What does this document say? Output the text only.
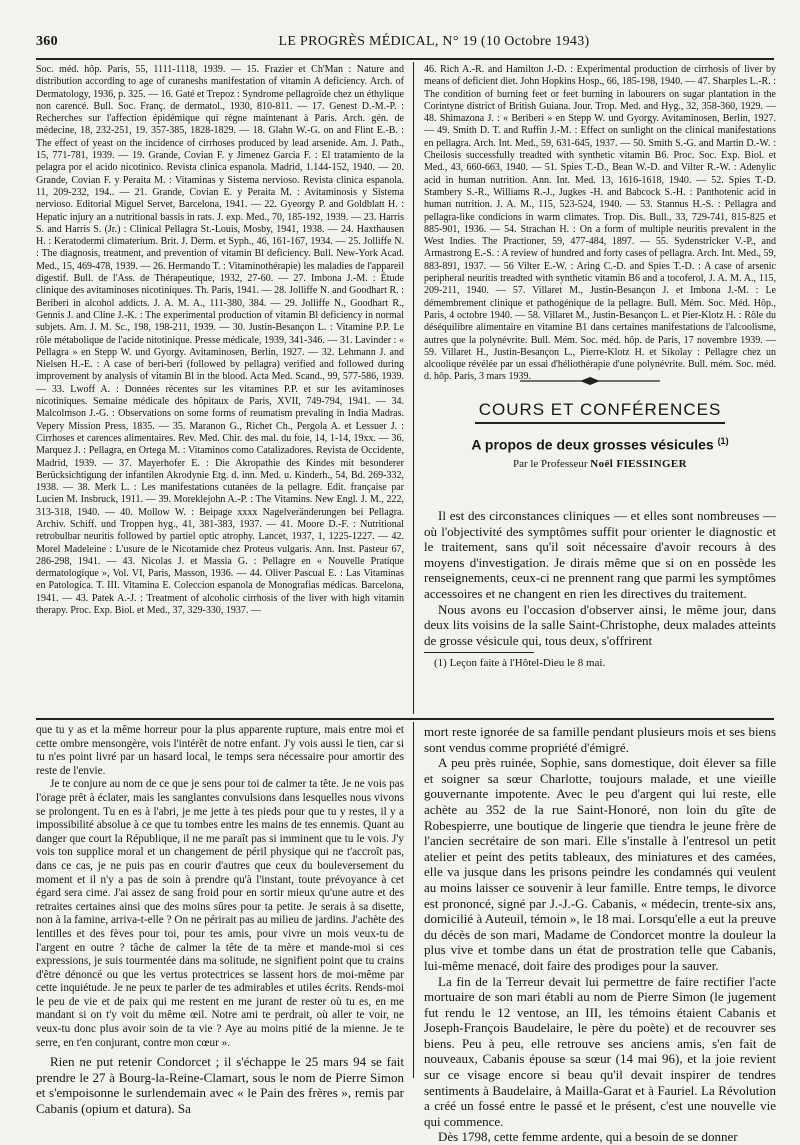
360	LE PROGRÈS MÉDICAL, N° 19 (10 Octobre 1943)

Soc. méd. hôp. Paris, 55, 1111-1118, 1939. — 15. Frazier et Ch'Man : Nature and distribution according to age of curaneshs manifestation of vitamin A deficiency. Arch. of Dermatology, 1936, p. 325. — 16. Gaté et Trepoz : Syndrome pellagroïde chez un éthylique non carencé. Bull. Soc. Franç. de dermatol., 1930, 810-811. — 17. Genest D.-M.-P. : Recherches sur l'affection épidémique qui règne maintenant à Paris. Arch. gén. de médecine, 18, 232-251, 19. 357-385, 1828-1829. — 18. Glahn W.-G. on and Flint E.-B. : The effect of yeast on the incidence of cirrhoses produced by lead arsenide. Am. J. Path., 15, 771-781, 1939. — 19. Grande, Covian F. y Jimenez Garcia F. : El tratamiento de la pelagra por el acido nicotinico. Revista clinica espanola. Madrid, 1.144-152, 1940. — 20. Grande, Covian F. y Peraita M. : Vitaminas y Sistema nervioso. Revista clinica espanola. 11, 209-232, 194.. — 21. Grande, Covian E. y Peraita M. : Avitaminosis y Sistema nervioso. Editorial Miguel Servet, Barcelona, 1941. — 22. Gyeorgy P. and Goldblatt H. : Hepatic injury an a nutritional bassis in rats. J. exp. Med., 70, 185-192, 1939. — 23. Harris S. and Harris S. (Jr.) : Clinical Pellagra St.-Louis, Mosby, 1941, 1938. — 24. Haxthausen H. : Keratodermi climaterium. Brit. J. Derm. et Syph., 46, 161-167, 1934. — 25. Jolliffe N. : The diagnosis, treatment, and prevention of vitamin Bl deficiency. Bull. New-York Acad. Med., 15, 469-478, 1939. — 26. Hermando T. : Vitaminothérapie) les maladies de l'appareil digestif. Bull. de l'Ass. de Thérapeutique, 1932, 27-60. — 27. Imbona J.-M. : Étude clinique des avitaminoses nicotiniques. Th. Paris, 1941. — 28. Jolliffe N. and Goodhart R. : Beriberi in alcohol addicts. J. A. M. A., 111-380, 384. — 29. Jolliffe N., Goodhart R., Gennis J. and Cline J.-K. : The experimental production of vitamin Bl deficiency in normal subjets. Am. J. M. Sc., 198, 198-211, 1939. — 30. Justin-Besançon L. : Vitamine P.P. Le rôle métabolique de l'acide nitotinique. Presse médicale, 1939, 341-346. — 31. Lavinder : « Pellagra » en Stepp W. und Gyorgy. Avitaminosen, Berlin, 1927. — 32. Lehmann J. and Nielsen H.-E. : A case of beri-beri (followed by pellagra) verified and followed during improvement by analysis of vitamin Bl in the blood. Acta Med. Scand., 99, 577-586, 1939. — 33. Lwoff A. : Données récentes sur les vitamines P.P. et sur les avitaminoses nicotiniques. Semaine médicale des hôpitaux de Paris, XVII, 749-794, 1941. — 34. Malcolmson J.-G. : Observations on some forms of reumatism prevaling in India Madras. Vepery Mission Press, 1835. — 35. Maranon G., Richet Ch., Pergola A. et Lessuer J. : Cirrhoses et carences alimentaires. Rev. Med. Chir. des mal. du foie, 14, 1-14, 19xx. — 36. Marquez J. : Pellagra, en Ortega M. : Vitaminos como Catalizadores. Revista de Occidente, Madrid, 1939. — 37. Mayerhofer E. : Die Akropathie des Kindes mit besonderer Berücksichtigung der infantilen Akrodynie Etg. d. inn. Med. u. Kinderh., 54, Bd. 269-332, 1938. — 38. Merk L. : Les manifestations cutanées de la pellagre. Edit. française par Lucien M. Insbruck, 1911. — 39. Moreklejohn A.-P. : The Vitamins. New Engl. J. M., 222, 313-318, 1940. — 40. Mollow W. : Beipage xxxx Nagelveränderungen bei Pellagra. Archiv. Schiff. und Troppen hyg., 41, 381-383, 1937. — 41. Moore D.-F. : Nutritional retrobulbar neuritis followed by partiel optic atrophy. Lancet, 1937, 1, 1225-1227. — 42. Morel Madeleine : L'usure de le Nicotamide chez Proteus vulgaris. Ann. Inst. Pasteur 67, 286-298, 1941. — 43. Nicolas J. et Massia G. : Pellagre en « Nouvelle Pratique dermatologique », Vol. VI, Paris, Masson, 1936. — 44. Oliver Pascual E. : Las Vitaminas en Patologica. T. III. Vitamina E. Coleccion espanola de Monografias médicas. Barcelona, 1941. — 43. Patek A.-J. : Treatment of alcoholic cirrhosis of the liver with high vitamin therapy. Proc. Exp. Biol. et Med., 37, 329-330, 1937. —

46. Rich A.-R. and Hamilton J.-D. : Experimental production de cirrhosis of liver by means of deficient diet. John Hopkins Hosp., 66, 185-198, 1940. — 47. Sharples L.-R. : The condition of burning feet or feet burning in labourers on sugar plantation in the Corintyne district of British Guiana. Jour. Trop. Med. and Hyg., 32, 358-360, 1929. — 48. Shimazona J. : « Beriberi » en Stepp W. und Gyorgy. Avitaminosen, Berlin, 1927. — 49. Smith D. T. and Ruffin J.-M. : Effect on sunlight on the clinical manifestations en pellagra. Arch. Int. Med., 59, 631-645, 1937. — 50. Smith S.-G. and Martin D.-W. : Cheilosis successfully treadted with synthetic vitamin B6. Proc. Soc. Exp. Biol. et Med., 43, 660-663, 1940. — 51. Spies T.-D., Bean W.-D. and Vilter R.-W. : Adenylic acid in human nutrition. Ann. Int. Med. 13, 1616-1618, 1940. — 52. Spies T.-D. Stambery S.-R., Williams R.-J., Jugkes -H. and Babcock S.-H. : Panthotenic acid in human nutrition. J. A. M., 115, 523-524, 1940. — 53. Stannus H.-S. : Pellagra and pellagra-like condicions in warm climates. Trop. Dis. Bull., 33, 729-741, 815-825 et 885-901, 1936. — 54. Strachan H. : On a form of multiple neuritis prevalent in the West Indies. The Practioner, 59, 477-484, 1897. — 55. Sydenstricker V.-P., and Armastrong E.-S. : A review of hundred and forty cases of pellagra. Arch. Int. Med., 59, 883-891, 1937. — 56 Vilter E.-W. : Aring C.-D. and Spies T.-D. : A case of arsenic peripheral neuritis treadted with synthetic vitamin B6 and a tocoferol, J. A. M. A., 115, 209-211, 1940. — 57. Villaret M., Justin-Besançon J. et Imbona J.-M. : Le démembrement clinique et pathogénique de la pellagre. Bull. Mém. Soc. Méd. Hôp., Paris, 4 octobre 1940. — 58. Villaret M., Justin-Besançon L. et Pier-Klotz H. : Rôle du déséquilibre alimentaire en vitamine B1 dans certaines manifestations de l'alcoolisme, autres que la polynévrite. Bull. Mém. Soc. méd. hôp. de Paris, 17 novembre 1939. — 59. Villaret H., Justin-Besançon L., Pierre-Klotz H. et Sikolay : Pellagre chez un alcoolique révélée par un essai d'héliothérapie d'une polynévrite. Bull. mém. Soc. méd. d. hôp. Paris, 3 mars 1939.

COURS ET CONFÉRENCES
A propos de deux grosses vésicules $^{(1)}$
Par le Professeur Noël FIESSINGER

Il est des circonstances cliniques — et elles sont nombreuses — où l'objectivité des symptômes suffit pour orienter le diagnostic et le traitement, sans qu'il soit nécessaire d'avoir recours à des moyens d'investigation. Je dirais même que si on en possède les renseignements, ceux-ci ne prennent rang que parmi les symptômes accessoires et ne changent en rien les directives du traitement.

Nous avons eu l'occasion d'observer ainsi, le même jour, dans deux lits voisins de la salle Saint-Christophe, deux malades atteints de grosse vésicule qui, tous deux, s'offrirent

(1) Leçon faite à l'Hôtel-Dieu le 8 mai.

que tu y as et la même horreur pour la plus apparente rupture, mais entre moi et cette ombre mensongère, vois l'intérêt de notre enfant. J'y vois aussi le tien, car si tu n'es point livré par un hasard local, le temps sera nécessaire pour amortir des reste de l'envie.

Je te conjure au nom de ce que je sens pour toi de calmer ta tête. Je ne vois pas l'orage prêt à éclater, mais les sanglantes convulsions dans lesquelles nous vivons se prolongent. Tu en es à l'abri, je me jette à tes pieds pour que tu y restes, il y a impossibilité absolue à ce que tu tombes entre les mains de tes ennemis. Quant au danger que court la République, il ne me paraît pas si imminent que tu le vois. J'y vois ton supplice moral et un changement de péril physique qui ne t'accroît pas, dans ce cas, je ne puis pas en courir d'autres que ceux du bouleversement du moment et il n'y a pas de soin à prendre qu'à l'instant, toute prévoyance à cet égard sera cime. J'ai assez de sang froid pour en sortir mieux qu'une autre et des retraites certaines ainsi que des moins sûres pour ta petite. Je serais à sa disette, non à la famine, arriva-t-elle ? On ne périrait pas au milieu de jardins. J'achète des lentilles et des fèves pour toi, pour tes amis, pour vivre un mois veux-tu de l'argent en outre ? tâche de calmer la tête de ta mère et mande-moi si ces expressions, je suis tourmentée dans ma solitude, ne signifient point que tu crains d'être dénoncé ou que les vertus protectrices se lassent hors de moi-même par cette inquiétude. Je ne peux te parler de tes admirables et utiles écrits. Rends-moi le peu de vie et de paix qui me restent en me jurant de rester où tu es, en me mandant si on t'y voit du même œil. Notre ami te perdrait, où aller te voir, ne veux-tu donc plus avoir soin de ta vie ? Aye au moins pitié de la mienne. Je te serre, en t'en conjurant, contre mon cœur ».

Rien ne put retenir Condorcet ; il s'échappe le 25 mars 94 se fait prendre le 27 à Bourg-la-Reine-Clamart, sous le nom de Pierre Simon et s'empoisonne le surlendemain avec « le Pain des frères », remis par Cabanis (opium et datura). Sa

mort reste ignorée de sa famille pendant plusieurs mois et ses biens sont vendus comme propriété d'émigré.

A peu près ruinée, Sophie, sans domestique, doit élever sa fille et soigner sa sœur Charlotte, toujours malade, et une vieille gouvernante impotente. Avec le peu d'argent qui lui reste, elle achète au 352 de la rue Saint-Honoré, non loin du gîte de Robespierre, une boutique de lingerie que tiendra le jeune frère de l'ancien secrétaire de son mari. Elle s'installe à l'entresol un petit atelier et peint des petits tableaux, des miniatures et des camées, elle va jusque dans les prisons peindre les condamnés qui veulent au moins laisser ce souvenir à leur famille. Entre temps, le divorce est prononcé, signé par J.-J.-G. Cabanis, « médecin, trente-six ans, domicilié à Auteuil, témoin », le 18 mai. Lorsqu'elle a eut la preuve du décès de son mari, Madame de Condorcet montre la douleur la plus vive et tombe dans un état de prostration telle que Cabanis, lui-même menacé, doit faire des prodiges pour la sauver.

La fin de la Terreur devait lui permettre de faire rectifier l'acte mortuaire de son mari établi au nom de Pierre Simon (le jugement fut rendu le 12 ventose, an III, les témoins étaient Cabanis et Joseph-François Baudelaire, le père du poète) et de recouvrer ses biens. Peu à peu, elle retrouve ses anciens amis, s'en fait de nouveaux, Cabanis épouse sa sœur (14 mai 96), et la joie revient sur ce visage encore si beau qu'il devait inspirer de tendres sentiments à Baudelaire, à Mailla-Garat et à Fauriel. La Révolution a créé un fossé entre le passé et le présent, c'est une nouvelle vie qui commence.

Dès 1798, cette femme ardente, qui a besoin de se donner
